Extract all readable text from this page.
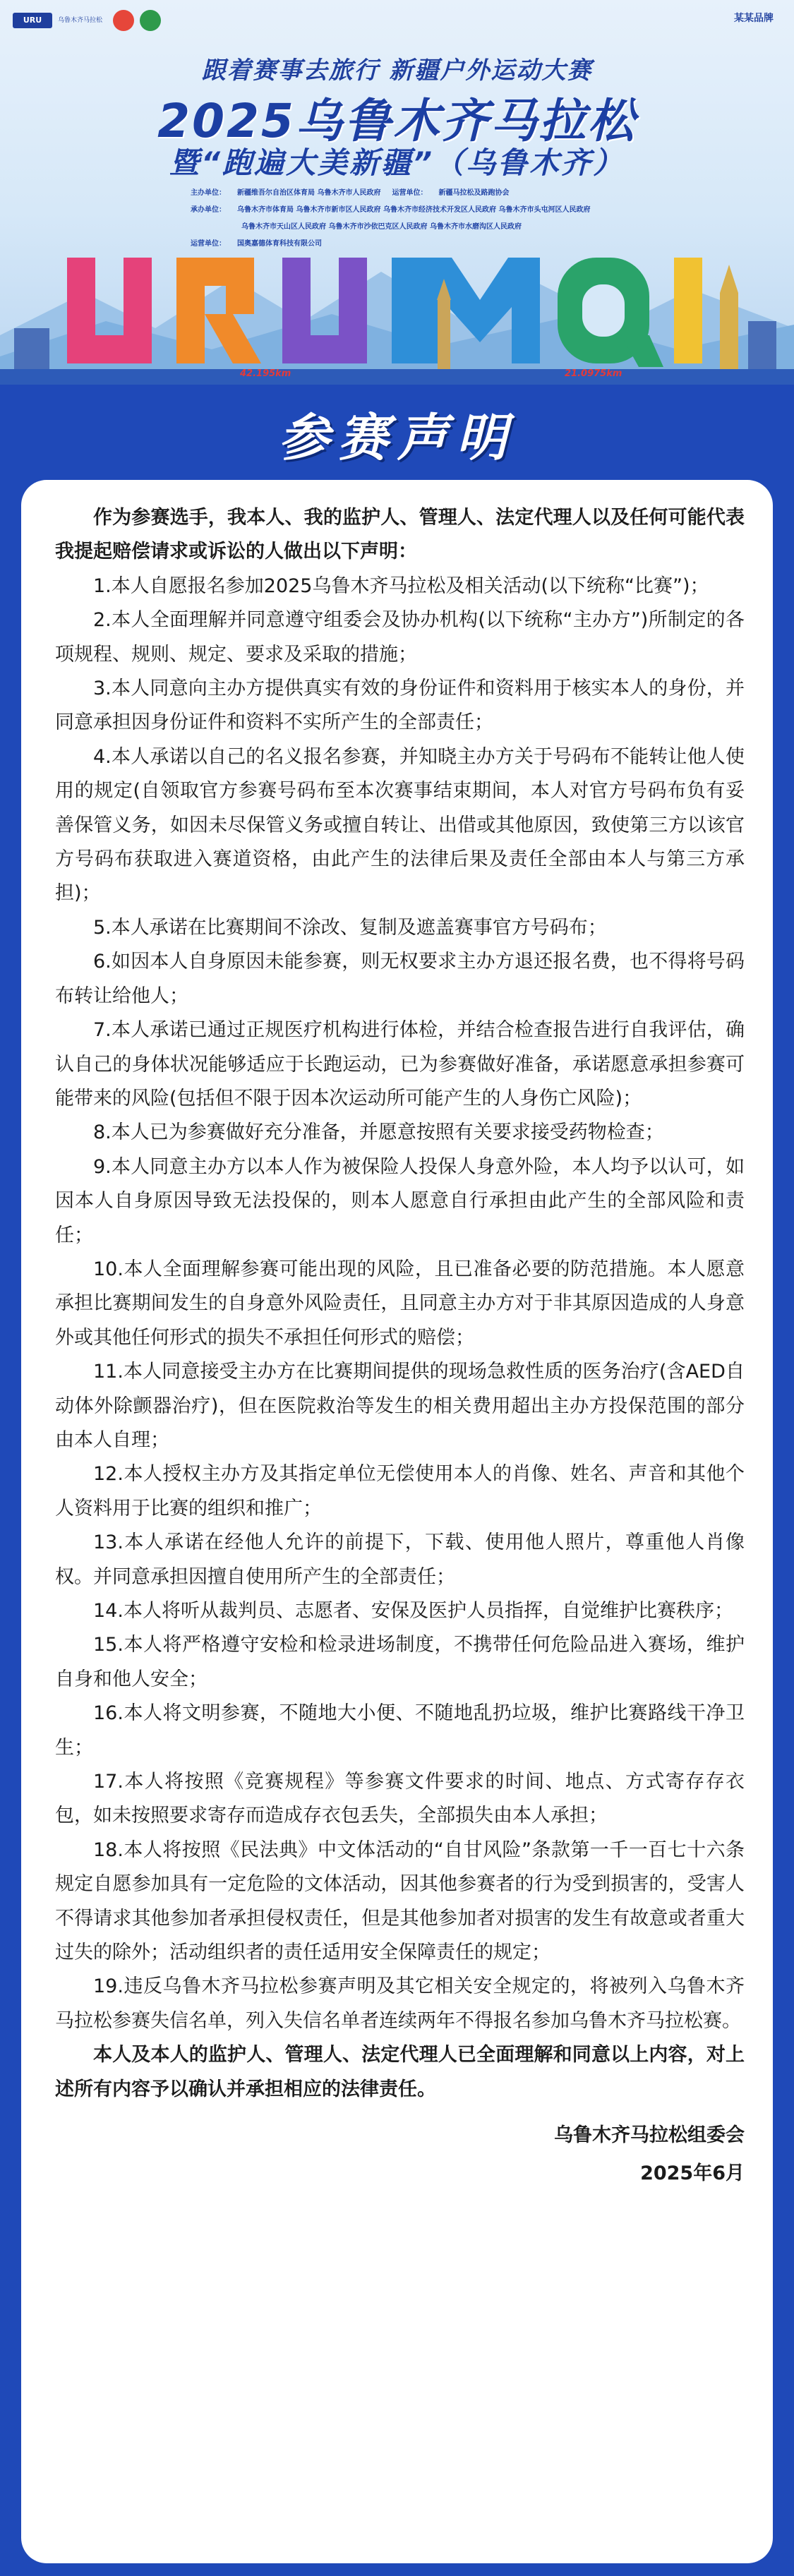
URU	乌鲁木齐马拉松	某某品牌
跟着赛事去旅行 新疆户外运动大赛
2025乌鲁木齐马拉松
暨“跑遍大美新疆”（乌鲁木齐）
主办单位： 新疆维吾尔自治区体育局 乌鲁木齐市人民政府 运营单位： 新疆马拉松及路跑协会
承办单位： 乌鲁木齐市体育局 乌鲁木齐市新市区人民政府 乌鲁木齐市经济技术开发区人民政府 乌鲁木齐市头屯河区人民政府
乌鲁木齐市天山区人民政府 乌鲁木齐市沙依巴克区人民政府 乌鲁木齐市水磨沟区人民政府
运营单位： 国奥嘉德体育科技有限公司
42.195km	21.0975km
参赛声明

作为参赛选手，我本人、我的监护人、管理人、法定代理人以及任何可能代表我提起赔偿请求或诉讼的人做出以下声明：

1.本人自愿报名参加2025乌鲁木齐马拉松及相关活动(以下统称“比赛”)；

2.本人全面理解并同意遵守组委会及协办机构(以下统称“主办方”)所制定的各项规程、规则、规定、要求及采取的措施；

3.本人同意向主办方提供真实有效的身份证件和资料用于核实本人的身份，并同意承担因身份证件和资料不实所产生的全部责任；

4.本人承诺以自己的名义报名参赛，并知晓主办方关于号码布不能转让他人使用的规定(自领取官方参赛号码布至本次赛事结束期间，本人对官方号码布负有妥善保管义务，如因未尽保管义务或擅自转让、出借或其他原因，致使第三方以该官方号码布获取进入赛道资格，由此产生的法律后果及责任全部由本人与第三方承担)；

5.本人承诺在比赛期间不涂改、复制及遮盖赛事官方号码布；

6.如因本人自身原因未能参赛，则无权要求主办方退还报名费，也不得将号码布转让给他人；

7.本人承诺已通过正规医疗机构进行体检，并结合检查报告进行自我评估，确认自己的身体状况能够适应于长跑运动，已为参赛做好准备，承诺愿意承担参赛可能带来的风险(包括但不限于因本次运动所可能产生的人身伤亡风险)；

8.本人已为参赛做好充分准备，并愿意按照有关要求接受药物检查；

9.本人同意主办方以本人作为被保险人投保人身意外险，本人均予以认可，如因本人自身原因导致无法投保的，则本人愿意自行承担由此产生的全部风险和责任；

10.本人全面理解参赛可能出现的风险，且已准备必要的防范措施。本人愿意承担比赛期间发生的自身意外风险责任，且同意主办方对于非其原因造成的人身意外或其他任何形式的损失不承担任何形式的赔偿；

11.本人同意接受主办方在比赛期间提供的现场急救性质的医务治疗(含AED自动体外除颤器治疗)，但在医院救治等发生的相关费用超出主办方投保范围的部分由本人自理；

12.本人授权主办方及其指定单位无偿使用本人的肖像、姓名、声音和其他个人资料用于比赛的组织和推广；

13.本人承诺在经他人允许的前提下，下载、使用他人照片，尊重他人肖像权。并同意承担因擅自使用所产生的全部责任；

14.本人将听从裁判员、志愿者、安保及医护人员指挥，自觉维护比赛秩序；

15.本人将严格遵守安检和检录进场制度，不携带任何危险品进入赛场，维护自身和他人安全；

16.本人将文明参赛，不随地大小便、不随地乱扔垃圾，维护比赛路线干净卫生；

17.本人将按照《竞赛规程》等参赛文件要求的时间、地点、方式寄存存衣包，如未按照要求寄存而造成存衣包丢失，全部损失由本人承担；

18.本人将按照《民法典》中文体活动的“自甘风险”条款第一千一百七十六条规定自愿参加具有一定危险的文体活动，因其他参赛者的行为受到损害的，受害人不得请求其他参加者承担侵权责任，但是其他参加者对损害的发生有故意或者重大过失的除外；活动组织者的责任适用安全保障责任的规定；

19.违反乌鲁木齐马拉松参赛声明及其它相关安全规定的，将被列入乌鲁木齐马拉松参赛失信名单，列入失信名单者连续两年不得报名参加乌鲁木齐马拉松赛。

本人及本人的监护人、管理人、法定代理人已全面理解和同意以上内容，对上述所有内容予以确认并承担相应的法律责任。

乌鲁木齐马拉松组委会
2025年6月
